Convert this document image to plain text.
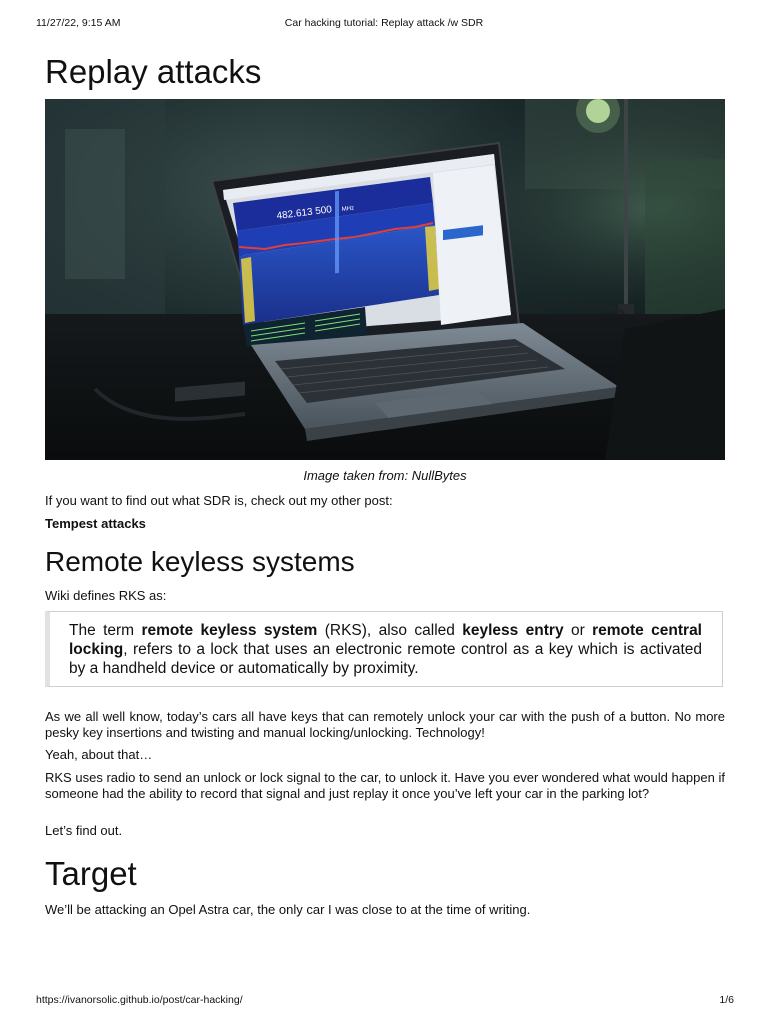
11/27/22, 9:15 AM	Car hacking tutorial: Replay attack /w SDR
Replay attacks
482.613 500 MHz
Image taken from: NullBytes

If you want to find out what SDR is, check out my other post:

Tempest attacks

Remote keyless systems

Wiki defines RKS as:

The term remote keyless system (RKS), also called keyless entry or remote central locking, refers to a lock that uses an electronic remote control as a key which is activated by a handheld device or automatically by proximity.

As we all well know, today’s cars all have keys that can remotely unlock your car with the push of a button. No more pesky key insertions and twisting and manual locking/unlocking. Technology!

Yeah, about that…

RKS uses radio to send an unlock or lock signal to the car, to unlock it. Have you ever wondered what would happen if someone had the ability to record that signal and just replay it once you’ve left your car in the parking lot?

Let’s find out.

Target

We’ll be attacking an Opel Astra car, the only car I was close to at the time of writing.

https://ivanorsolic.github.io/post/car-hacking/	1/6
